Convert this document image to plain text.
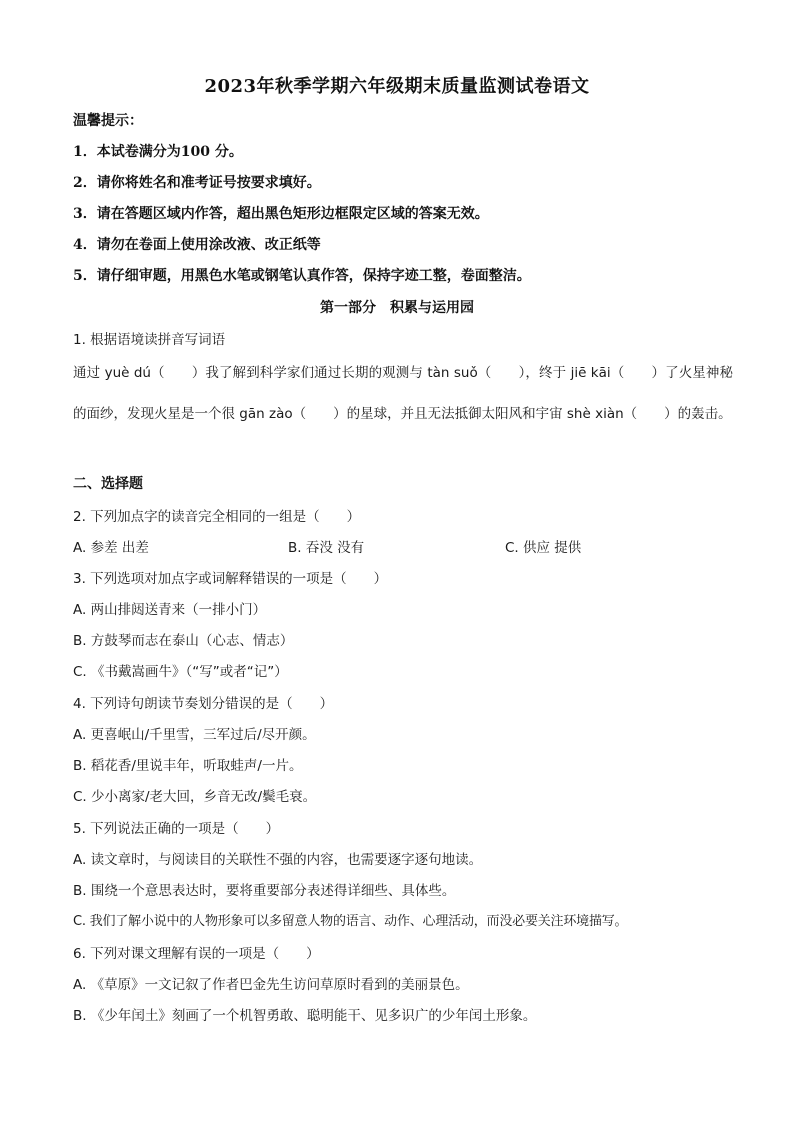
2023年秋季学期六年级期末质量监测试卷语文
温馨提示：
1．本试卷满分为100 分。
2．请你将姓名和准考证号按要求填好。
3．请在答题区域内作答，超出黑色矩形边框限定区域的答案无效。
4．请勿在卷面上使用涂改液、改正纸等
5．请仔细审题，用黑色水笔或钢笔认真作答，保持字迹工整，卷面整洁。
第一部分　积累与运用园
1. 根据语境读拼音写词语
通过 yuè dú（　　）我了解到科学家们通过长期的观测与 tàn suǒ（　　），终于 jiē kāi（　　）了火星神秘的面纱，发现火星是一个很 gān zào（　　）的星球，并且无法抵御太阳风和宇宙 shè xiàn（　　）的轰击。
二、选择题
2. 下列加点字的读音完全相同的一组是（　　）
A. 参差 出差	B. 吞没 没有	C. 供应 提供
3. 下列选项对加点字或词解释错误的一项是（　　）
A. 两山排闼送青来（一排小门）
B. 方鼓琴而志在泰山（心志、情志）
C. 《书戴嵩画牛》（“写”或者“记”）
4. 下列诗句朗读节奏划分错误的是（　　）
A. 更喜岷山/千里雪，三军过后/尽开颜。
B. 稻花香/里说丰年，听取蛙声/一片。
C. 少小离家/老大回，乡音无改/鬓毛衰。
5. 下列说法正确的一项是（　　）
A. 读文章时，与阅读目的关联性不强的内容，也需要逐字逐句地读。
B. 围绕一个意思表达时，要将重要部分表述得详细些、具体些。
C. 我们了解小说中的人物形象可以多留意人物的语言、动作、心理活动，而没必要关注环境描写。
6. 下列对课文理解有误的一项是（　　）
A. 《草原》一文记叙了作者巴金先生访问草原时看到的美丽景色。
B. 《少年闰土》刻画了一个机智勇敢、聪明能干、见多识广的少年闰土形象。
